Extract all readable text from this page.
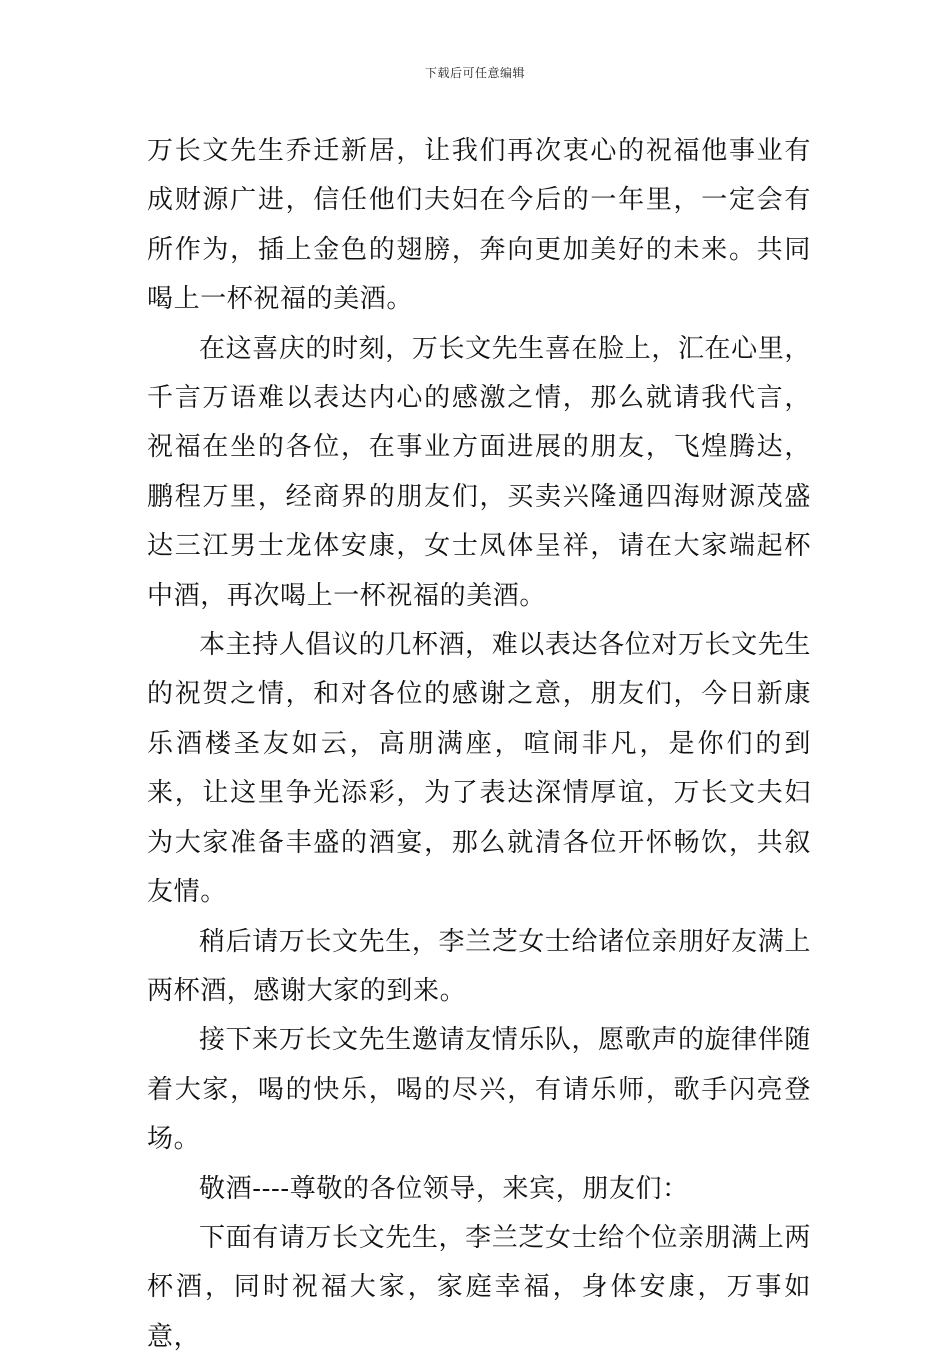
下载后可任意编辑

万长文先生乔迁新居，让我们再次衷心的祝福他事业有成财源广进，信任他们夫妇在今后的一年里，一定会有所作为，插上金色的翅膀，奔向更加美好的未来。共同喝上一杯祝福的美酒。

在这喜庆的时刻，万长文先生喜在脸上，汇在心里，千言万语难以表达内心的感激之情，那么就请我代言，祝福在坐的各位，在事业方面进展的朋友，飞煌腾达，鹏程万里，经商界的朋友们，买卖兴隆通四海财源茂盛达三江男士龙体安康，女士凤体呈祥，请在大家端起杯中酒，再次喝上一杯祝福的美酒。

本主持人倡议的几杯酒，难以表达各位对万长文先生的祝贺之情，和对各位的感谢之意，朋友们，今日新康乐酒楼圣友如云，高朋满座，喧闹非凡，是你们的到来，让这里争光添彩，为了表达深情厚谊，万长文夫妇为大家准备丰盛的酒宴，那么就清各位开怀畅饮，共叙友情。

稍后请万长文先生，李兰芝女士给诸位亲朋好友满上两杯酒，感谢大家的到来。

接下来万长文先生邀请友情乐队，愿歌声的旋律伴随着大家，喝的快乐，喝的尽兴，有请乐师，歌手闪亮登场。

敬酒----尊敬的各位领导，来宾，朋友们：

下面有请万长文先生，李兰芝女士给个位亲朋满上两杯酒，同时祝福大家，家庭幸福，身体安康，万事如意，
